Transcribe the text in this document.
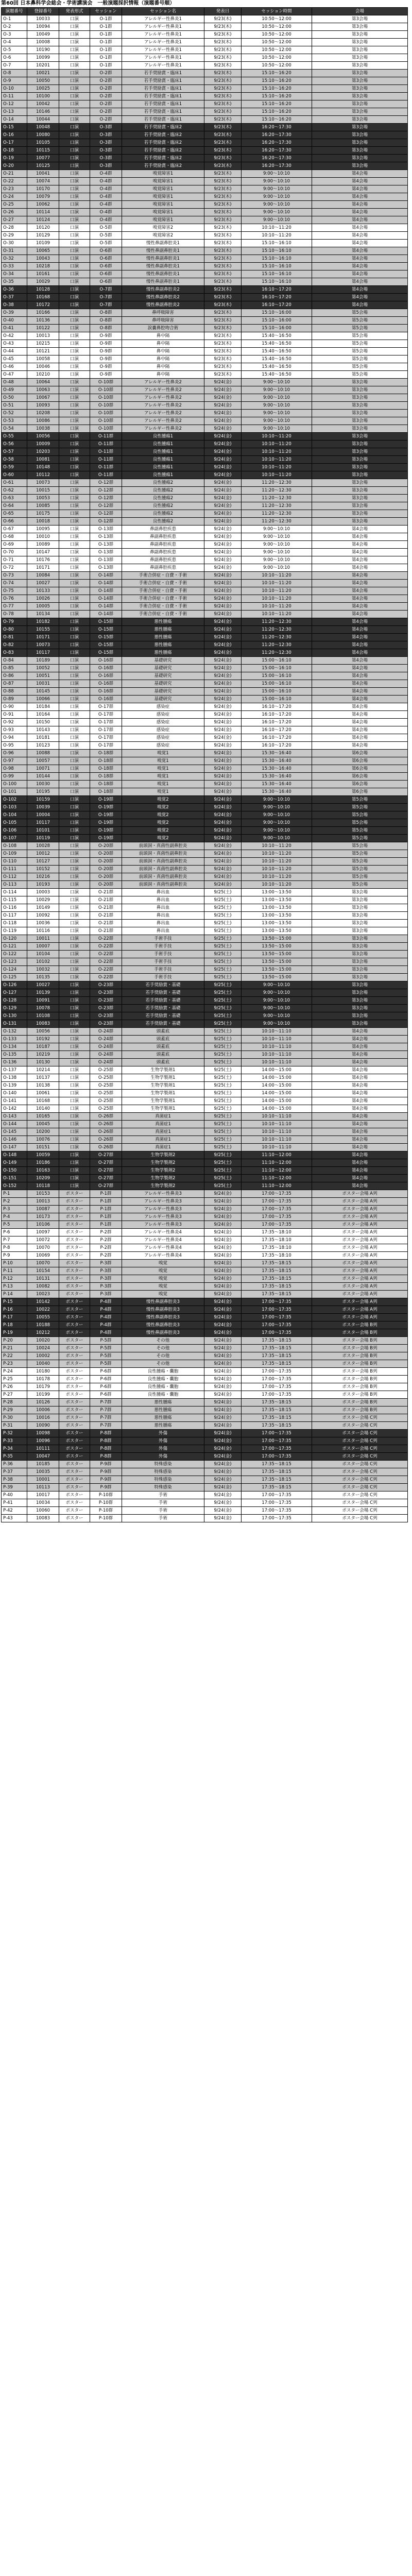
第60回 日本鼻科学会総会・学術講演会　一般演題採択情報（演題番号順）
演題番号	登録番号	発表形式	セッション	セッション名	発表日	セッション時間	会場
O-1	10033	口演	O-1群	アレルギー性鼻炎1	9/23(木)	10:50〜12:00	第3会場
O-2	10094	口演	O-1群	アレルギー性鼻炎1	9/23(木)	10:50〜12:00	第3会場
O-3	10049	口演	O-1群	アレルギー性鼻炎1	9/23(木)	10:50〜12:00	第3会場
O-4	10008	口演	O-1群	アレルギー性鼻炎1	9/23(木)	10:50〜12:00	第3会場
O-5	10190	口演	O-1群	アレルギー性鼻炎1	9/23(木)	10:50〜12:00	第3会場
O-6	10099	口演	O-1群	アレルギー性鼻炎1	9/23(木)	10:50〜12:00	第3会場
O-7	10201	口演	O-1群	アレルギー性鼻炎1	9/23(木)	10:50〜12:00	第3会場
O-8	10021	口演	O-2群	若手奨励賞・臨床1	9/23(木)	15:10〜16:20	第3会場
O-9	10050	口演	O-2群	若手奨励賞・臨床1	9/23(木)	15:10〜16:20	第3会場
O-10	10025	口演	O-2群	若手奨励賞・臨床1	9/23(木)	15:10〜16:20	第3会場
O-11	10100	口演	O-2群	若手奨励賞・臨床1	9/23(木)	15:10〜16:20	第3会場
O-12	10042	口演	O-2群	若手奨励賞・臨床1	9/23(木)	15:10〜16:20	第3会場
O-13	10146	口演	O-2群	若手奨励賞・臨床1	9/23(木)	15:10〜16:20	第3会場
O-14	10044	口演	O-2群	若手奨励賞・臨床1	9/23(木)	15:10〜16:20	第3会場
O-15	10048	口演	O-3群	若手奨励賞・臨床2	9/23(木)	16:20〜17:30	第3会場
O-16	10080	口演	O-3群	若手奨励賞・臨床2	9/23(木)	16:20〜17:30	第3会場
O-17	10105	口演	O-3群	若手奨励賞・臨床2	9/23(木)	16:20〜17:30	第3会場
O-18	10115	口演	O-3群	若手奨励賞・臨床2	9/23(木)	16:20〜17:30	第3会場
O-19	10077	口演	O-3群	若手奨励賞・臨床2	9/23(木)	16:20〜17:30	第3会場
O-20	10125	口演	O-3群	若手奨励賞・臨床2	9/23(木)	16:20〜17:30	第3会場
O-21	10041	口演	O-4群	嗅覚障害1	9/23(木)	9:00〜10:10	第4会場
O-22	10074	口演	O-4群	嗅覚障害1	9/23(木)	9:00〜10:10	第4会場
O-23	10170	口演	O-4群	嗅覚障害1	9/23(木)	9:00〜10:10	第4会場
O-24	10079	口演	O-4群	嗅覚障害1	9/23(木)	9:00〜10:10	第4会場
O-25	10062	口演	O-4群	嗅覚障害1	9/23(木)	9:00〜10:10	第4会場
O-26	10114	口演	O-4群	嗅覚障害1	9/23(木)	9:00〜10:10	第4会場
O-27	10124	口演	O-4群	嗅覚障害1	9/23(木)	9:00〜10:10	第4会場
O-28	10120	口演	O-5群	嗅覚障害2	9/23(木)	10:10〜11:20	第4会場
O-29	10129	口演	O-5群	嗅覚障害2	9/23(木)	10:10〜11:20	第4会場
O-30	10109	口演	O-5群	慢性鼻副鼻腔炎1	9/23(木)	15:10〜16:10	第4会場
O-31	10065	口演	O-6群	慢性鼻副鼻腔炎1	9/23(木)	15:10〜16:10	第4会場
O-32	10043	口演	O-6群	慢性鼻副鼻腔炎1	9/23(木)	15:10〜16:10	第4会場
O-33	10218	口演	O-6群	慢性鼻副鼻腔炎1	9/23(木)	15:10〜16:10	第4会場
O-34	10161	口演	O-6群	慢性鼻副鼻腔炎1	9/23(木)	15:10〜16:10	第4会場
O-35	10029	口演	O-6群	慢性鼻副鼻腔炎1	9/23(木)	15:10〜16:10	第4会場
O-36	10128	口演	O-7群	慢性鼻副鼻腔炎2	9/23(木)	16:10〜17:20	第4会場
O-37	10168	口演	O-7群	慢性鼻副鼻腔炎2	9/23(木)	16:10〜17:20	第4会場
O-38	10172	口演	O-7群	慢性鼻副鼻腔炎2	9/23(木)	16:10〜17:20	第4会場
O-39	10166	口演	O-8群	鼻呼吸障害	9/23(木)	15:10〜16:00	第5会場
O-40	10136	口演	O-8群	鼻呼吸障害	9/23(木)	15:10〜16:00	第5会場
O-41	10122	口演	O-8群	涙嚢鼻腔吻合術	9/23(木)	15:10〜16:00	第5会場
O-42	10013	口演	O-9群	鼻中隔	9/23(木)	15:40〜16:50	第5会場
O-43	10215	口演	O-9群	鼻中隔	9/23(木)	15:40〜16:50	第5会場
O-44	10121	口演	O-9群	鼻中隔	9/23(木)	15:40〜16:50	第5会場
O-45	10058	口演	O-9群	鼻中隔	9/23(木)	15:40〜16:50	第5会場
O-46	10046	口演	O-9群	鼻中隔	9/23(木)	15:40〜16:50	第5会場
O-47	10210	口演	O-9群	鼻中隔	9/23(木)	15:40〜16:50	第5会場
O-48	10064	口演	O-10群	アレルギー性鼻炎2	9/24(金)	9:00〜10:10	第3会場
O-49	10063	口演	O-10群	アレルギー性鼻炎2	9/24(金)	9:00〜10:10	第3会場
O-50	10067	口演	O-10群	アレルギー性鼻炎2	9/24(金)	9:00〜10:10	第3会場
O-51	10093	口演	O-10群	アレルギー性鼻炎2	9/24(金)	9:00〜10:10	第3会場
O-52	10208	口演	O-10群	アレルギー性鼻炎2	9/24(金)	9:00〜10:10	第3会場
O-53	10086	口演	O-10群	アレルギー性鼻炎2	9/24(金)	9:00〜10:10	第3会場
O-54	10038	口演	O-10群	アレルギー性鼻炎2	9/24(金)	9:00〜10:10	第3会場
O-55	10056	口演	O-11群	良性腫瘍1	9/24(金)	10:10〜11:20	第3会場
O-56	10009	口演	O-11群	良性腫瘍1	9/24(金)	10:10〜11:20	第3会場
O-57	10203	口演	O-11群	良性腫瘍1	9/24(金)	10:10〜11:20	第3会場
O-58	10081	口演	O-11群	良性腫瘍1	9/24(金)	10:10〜11:20	第3会場
O-59	10148	口演	O-11群	良性腫瘍1	9/24(金)	10:10〜11:20	第3会場
O-60	10112	口演	O-11群	良性腫瘍1	9/24(金)	10:10〜11:20	第3会場
O-61	10073	口演	O-12群	良性腫瘍2	9/24(金)	11:20〜12:30	第3会場
O-62	10015	口演	O-12群	良性腫瘍2	9/24(金)	11:20〜12:30	第3会場
O-63	10053	口演	O-12群	良性腫瘍2	9/24(金)	11:20〜12:30	第3会場
O-64	10085	口演	O-12群	良性腫瘍2	9/24(金)	11:20〜12:30	第3会場
O-65	10175	口演	O-12群	良性腫瘍2	9/24(金)	11:20〜12:30	第3会場
O-66	10018	口演	O-12群	良性腫瘍2	9/24(金)	11:20〜12:30	第3会場
O-67	10095	口演	O-13群	鼻副鼻腔疾患	9/24(金)	9:00〜10:10	第4会場
O-68	10010	口演	O-13群	鼻副鼻腔疾患	9/24(金)	9:00〜10:10	第4会場
O-69	10089	口演	O-13群	鼻副鼻腔疾患	9/24(金)	9:00〜10:10	第4会場
O-70	10147	口演	O-13群	鼻副鼻腔疾患	9/24(金)	9:00〜10:10	第4会場
O-71	10176	口演	O-13群	鼻副鼻腔疾患	9/24(金)	9:00〜10:10	第4会場
O-72	10171	口演	O-13群	鼻副鼻腔疾患	9/24(金)	9:00〜10:10	第4会場
O-73	10084	口演	O-14群	手術合併症・自費・手術	9/24(金)	10:10〜11:20	第4会場
O-74	10027	口演	O-14群	手術合併症・自費・手術	9/24(金)	10:10〜11:20	第4会場
O-75	10133	口演	O-14群	手術合併症・自費・手術	9/24(金)	10:10〜11:20	第4会場
O-76	10026	口演	O-14群	手術合併症・自費・手術	9/24(金)	10:10〜11:20	第4会場
O-77	10005	口演	O-14群	手術合併症・自費・手術	9/24(金)	10:10〜11:20	第4会場
O-78	10134	口演	O-14群	手術合併症・自費・手術	9/24(金)	10:10〜11:20	第4会場
O-79	10182	口演	O-15群	悪性腫瘍	9/24(金)	11:20〜12:30	第4会場
O-80	10155	口演	O-15群	悪性腫瘍	9/24(金)	11:20〜12:30	第4会場
O-81	10171	口演	O-15群	悪性腫瘍	9/24(金)	11:20〜12:30	第4会場
O-82	10073	口演	O-15群	悪性腫瘍	9/24(金)	11:20〜12:30	第4会場
O-83	10117	口演	O-15群	悪性腫瘍	9/24(金)	11:20〜12:30	第4会場
O-84	10189	口演	O-16群	基礎研究	9/24(金)	15:00〜16:10	第4会場
O-85	10052	口演	O-16群	基礎研究	9/24(金)	15:00〜16:10	第4会場
O-86	10051	口演	O-16群	基礎研究	9/24(金)	15:00〜16:10	第4会場
O-87	10031	口演	O-16群	基礎研究	9/24(金)	15:00〜16:10	第4会場
O-88	10145	口演	O-16群	基礎研究	9/24(金)	15:00〜16:10	第4会場
O-89	10066	口演	O-16群	基礎研究	9/24(金)	15:00〜16:10	第4会場
O-90	10184	口演	O-17群	感染症	9/24(金)	16:10〜17:20	第4会場
O-91	10164	口演	O-17群	感染症	9/24(金)	16:10〜17:20	第4会場
O-92	10150	口演	O-17群	感染症	9/24(金)	16:10〜17:20	第4会場
O-93	10143	口演	O-17群	感染症	9/24(金)	16:10〜17:20	第4会場
O-94	10181	口演	O-17群	感染症	9/24(金)	16:10〜17:20	第4会場
O-95	10123	口演	O-17群	感染症	9/24(金)	16:10〜17:20	第4会場
O-96	10088	口演	O-18群	嗅覚1	9/24(金)	15:30〜16:40	第6会場
O-97	10057	口演	O-18群	嗅覚1	9/24(金)	15:30〜16:40	第6会場
O-98	10071	口演	O-18群	嗅覚1	9/24(金)	15:30〜16:40	第6会場
O-99	10144	口演	O-18群	嗅覚1	9/24(金)	15:30〜16:40	第6会場
O-100	10030	口演	O-18群	嗅覚1	9/24(金)	15:30〜16:40	第6会場
O-101	10195	口演	O-18群	嗅覚1	9/24(金)	15:30〜16:40	第6会場
O-102	10159	口演	O-19群	嗅覚2	9/24(金)	9:00〜10:10	第5会場
O-103	10039	口演	O-19群	嗅覚2	9/24(金)	9:00〜10:10	第5会場
O-104	10004	口演	O-19群	嗅覚2	9/24(金)	9:00〜10:10	第5会場
O-105	10117	口演	O-19群	嗅覚2	9/24(金)	9:00〜10:10	第5会場
O-106	10101	口演	O-19群	嗅覚2	9/24(金)	9:00〜10:10	第5会場
O-107	10119	口演	O-19群	嗅覚2	9/24(金)	9:00〜10:10	第5会場
O-108	10028	口演	O-20群	前頭洞・真菌性副鼻腔炎	9/24(金)	10:10〜11:20	第5会場
O-109	10012	口演	O-20群	前頭洞・真菌性副鼻腔炎	9/24(金)	10:10〜11:20	第5会場
O-110	10127	口演	O-20群	前頭洞・真菌性副鼻腔炎	9/24(金)	10:10〜11:20	第5会場
O-111	10152	口演	O-20群	前頭洞・真菌性副鼻腔炎	9/24(金)	10:10〜11:20	第5会場
O-112	10216	口演	O-20群	前頭洞・真菌性副鼻腔炎	9/24(金)	10:10〜11:20	第5会場
O-113	10193	口演	O-20群	前頭洞・真菌性副鼻腔炎	9/24(金)	10:10〜11:20	第5会場
O-114	10003	口演	O-21群	鼻出血	9/25(土)	13:00〜13:50	第3会場
O-115	10029	口演	O-21群	鼻出血	9/25(土)	13:00〜13:50	第3会場
O-116	10149	口演	O-21群	鼻出血	9/25(土)	13:00〜13:50	第3会場
O-117	10092	口演	O-21群	鼻出血	9/25(土)	13:00〜13:50	第3会場
O-118	10036	口演	O-21群	鼻出血	9/25(土)	13:00〜13:50	第3会場
O-119	10116	口演	O-21群	鼻出血	9/25(土)	13:00〜13:50	第3会場
O-120	10011	口演	O-22群	手術手技	9/25(土)	13:50〜15:00	第3会場
O-121	10007	口演	O-22群	手術手技	9/25(土)	13:50〜15:00	第3会場
O-122	10104	口演	O-22群	手術手技	9/25(土)	13:50〜15:00	第3会場
O-123	10102	口演	O-22群	手術手技	9/25(土)	13:50〜15:00	第3会場
O-124	10032	口演	O-22群	手術手技	9/25(土)	13:50〜15:00	第3会場
O-125	10135	口演	O-22群	手術手技	9/25(土)	13:50〜15:00	第3会場
O-126	10027	口演	O-23群	若手奨励賞・基礎	9/25(土)	9:00〜10:10	第3会場
O-127	10139	口演	O-23群	若手奨励賞・基礎	9/25(土)	9:00〜10:10	第3会場
O-128	10091	口演	O-23群	若手奨励賞・基礎	9/25(土)	9:00〜10:10	第3会場
O-129	10078	口演	O-23群	若手奨励賞・基礎	9/25(土)	9:00〜10:10	第3会場
O-130	10108	口演	O-23群	若手奨励賞・基礎	9/25(土)	9:00〜10:10	第3会場
O-131	10083	口演	O-23群	若手奨励賞・基礎	9/25(土)	9:00〜10:10	第3会場
O-132	10056	口演	O-24群	頭蓋底	9/25(土)	10:10〜11:10	第4会場
O-133	10192	口演	O-24群	頭蓋底	9/25(土)	10:10〜11:10	第4会場
O-134	10187	口演	O-24群	頭蓋底	9/25(土)	10:10〜11:10	第4会場
O-135	10219	口演	O-24群	頭蓋底	9/25(土)	10:10〜11:10	第4会場
O-136	10130	口演	O-24群	頭蓋底	9/25(土)	10:10〜11:10	第4会場
O-137	10214	口演	O-25群	生物学製剤1	9/25(土)	14:00〜15:00	第4会場
O-138	10137	口演	O-25群	生物学製剤1	9/25(土)	14:00〜15:00	第4会場
O-139	10138	口演	O-25群	生物学製剤1	9/25(土)	14:00〜15:00	第4会場
O-140	10061	口演	O-25群	生物学製剤1	9/25(土)	14:00〜15:00	第4会場
O-141	10168	口演	O-25群	生物学製剤1	9/25(土)	14:00〜15:00	第4会場
O-142	10140	口演	O-25群	生物学製剤1	9/25(土)	14:00〜15:00	第4会場
O-143	10165	口演	O-26群	真菌症1	9/25(土)	10:10〜11:10	第4会場
O-144	10045	口演	O-26群	真菌症1	9/25(土)	10:10〜11:10	第4会場
O-145	10200	口演	O-26群	真菌症1	9/25(土)	10:10〜11:10	第4会場
O-146	10076	口演	O-26群	真菌症1	9/25(土)	10:10〜11:10	第4会場
O-147	10151	口演	O-26群	真菌症1	9/25(土)	10:10〜11:10	第4会場
O-148	10059	口演	O-27群	生物学製剤2	9/25(土)	11:10〜12:00	第4会場
O-149	10186	口演	O-27群	生物学製剤2	9/25(土)	11:10〜12:00	第4会場
O-150	10163	口演	O-27群	生物学製剤2	9/25(土)	11:10〜12:00	第4会場
O-151	10209	口演	O-27群	生物学製剤2	9/25(土)	11:10〜12:00	第4会場
O-152	10118	口演	O-27群	生物学製剤2	9/25(土)	11:10〜12:00	第4会場
P-1	10153	ポスター	P-1群	アレルギー性鼻炎3	9/24(金)	17:00〜17:35	ポスター会場 A列
P-2	10013	ポスター	P-1群	アレルギー性鼻炎3	9/24(金)	17:00〜17:35	ポスター会場 A列
P-3	10087	ポスター	P-1群	アレルギー性鼻炎3	9/24(金)	17:00〜17:35	ポスター会場 A列
P-4	10173	ポスター	P-1群	アレルギー性鼻炎3	9/24(金)	17:00〜17:35	ポスター会場 A列
P-5	10106	ポスター	P-1群	アレルギー性鼻炎3	9/24(金)	17:00〜17:35	ポスター会場 A列
P-6	10097	ポスター	P-2群	アレルギー性鼻炎4	9/24(金)	17:35〜18:10	ポスター会場 A列
P-7	10072	ポスター	P-2群	アレルギー性鼻炎4	9/24(金)	17:35〜18:10	ポスター会場 A列
P-8	10070	ポスター	P-2群	アレルギー性鼻炎4	9/24(金)	17:35〜18:10	ポスター会場 A列
P-9	10069	ポスター	P-2群	アレルギー性鼻炎4	9/24(金)	17:35〜18:10	ポスター会場 A列
P-10	10070	ポスター	P-3群	嗅覚	9/24(金)	17:35〜18:15	ポスター会場 A列
P-11	10154	ポスター	P-3群	嗅覚	9/24(金)	17:35〜18:15	ポスター会場 A列
P-12	10131	ポスター	P-3群	嗅覚	9/24(金)	17:35〜18:15	ポスター会場 A列
P-13	10082	ポスター	P-3群	嗅覚	9/24(金)	17:35〜18:15	ポスター会場 A列
P-14	10023	ポスター	P-3群	嗅覚	9/24(金)	17:35〜18:15	ポスター会場 A列
P-15	10142	ポスター	P-4群	慢性鼻副鼻腔炎3	9/24(金)	17:00〜17:35	ポスター会場 A列
P-16	10022	ポスター	P-4群	慢性鼻副鼻腔炎3	9/24(金)	17:00〜17:35	ポスター会場 A列
P-17	10055	ポスター	P-4群	慢性鼻副鼻腔炎3	9/24(金)	17:00〜17:35	ポスター会場 A列
P-18	10188	ポスター	P-4群	慢性鼻副鼻腔炎3	9/24(金)	17:00〜17:35	ポスター会場 B列
P-19	10212	ポスター	P-4群	慢性鼻副鼻腔炎3	9/24(金)	17:00〜17:35	ポスター会場 B列
P-20	10020	ポスター	P-5群	その他	9/24(金)	17:35〜18:15	ポスター会場 B列
P-21	10024	ポスター	P-5群	その他	9/24(金)	17:35〜18:15	ポスター会場 B列
P-22	10002	ポスター	P-5群	その他	9/24(金)	17:35〜18:15	ポスター会場 B列
P-23	10040	ポスター	P-5群	その他	9/24(金)	17:35〜18:15	ポスター会場 B列
P-24	10180	ポスター	P-6群	良性腫瘍・囊胞	9/24(金)	17:00〜17:35	ポスター会場 B列
P-25	10178	ポスター	P-6群	良性腫瘍・囊胞	9/24(金)	17:00〜17:35	ポスター会場 B列
P-26	10179	ポスター	P-6群	良性腫瘍・囊胞	9/24(金)	17:00〜17:35	ポスター会場 B列
P-27	10199	ポスター	P-6群	良性腫瘍・囊胞	9/24(金)	17:00〜17:35	ポスター会場 B列
P-28	10126	ポスター	P-7群	悪性腫瘍	9/24(金)	17:35〜18:15	ポスター会場 B列
P-29	10006	ポスター	P-7群	悪性腫瘍	9/24(金)	17:35〜18:15	ポスター会場 B列
P-30	10016	ポスター	P-7群	悪性腫瘍	9/24(金)	17:35〜18:15	ポスター会場 C列
P-31	10090	ポスター	P-7群	悪性腫瘍	9/24(金)	17:35〜18:15	ポスター会場 C列
P-32	10098	ポスター	P-8群	外傷	9/24(金)	17:00〜17:35	ポスター会場 C列
P-33	10096	ポスター	P-8群	外傷	9/24(金)	17:00〜17:35	ポスター会場 C列
P-34	10111	ポスター	P-8群	外傷	9/24(金)	17:00〜17:35	ポスター会場 C列
P-35	10047	ポスター	P-8群	外傷	9/24(金)	17:00〜17:35	ポスター会場 C列
P-36	10185	ポスター	P-9群	特殊感染	9/24(金)	17:35〜18:15	ポスター会場 C列
P-37	10035	ポスター	P-9群	特殊感染	9/24(金)	17:35〜18:15	ポスター会場 C列
P-38	10001	ポスター	P-9群	特殊感染	9/24(金)	17:35〜18:15	ポスター会場 C列
P-39	10113	ポスター	P-9群	特殊感染	9/24(金)	17:35〜18:15	ポスター会場 C列
P-40	10017	ポスター	P-10群	手術	9/24(金)	17:00〜17:35	ポスター会場 C列
P-41	10034	ポスター	P-10群	手術	9/24(金)	17:00〜17:35	ポスター会場 C列
P-42	10060	ポスター	P-10群	手術	9/24(金)	17:00〜17:35	ポスター会場 C列
P-43	10083	ポスター	P-10群	手術	9/24(金)	17:00〜17:35	ポスター会場 C列
